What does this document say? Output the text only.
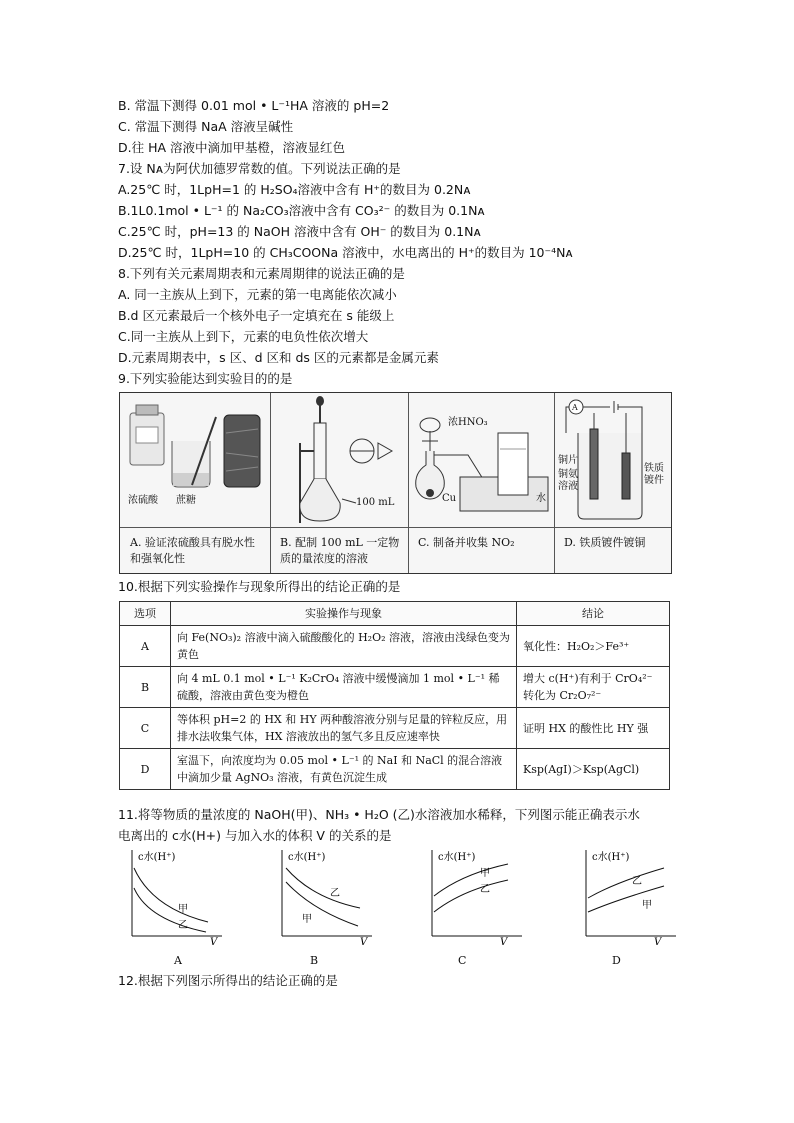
B. 常温下测得 0.01 mol • L⁻¹HA 溶液的 pH=2
C. 常温下测得 NaA 溶液呈碱性
D.往 HA 溶液中滴加甲基橙，溶液显红色
7.设 Nᴀ为阿伏加德罗常数的值。下列说法正确的是
A.25℃ 时，1LpH=1 的 H₂SO₄溶液中含有 H⁺的数目为 0.2Nᴀ
B.1L0.1mol • L⁻¹ 的 Na₂CO₃溶液中含有 CO₃²⁻ 的数目为 0.1Nᴀ
C.25℃ 时，pH=13 的 NaOH 溶液中含有 OH⁻ 的数目为 0.1Nᴀ
D.25℃ 时，1LpH=10 的 CH₃COONa 溶液中，水电离出的 H⁺的数目为 10⁻⁴Nᴀ
8.下列有关元素周期表和元素周期律的说法正确的是
A. 同一主族从上到下，元素的第一电离能依次减小
B.d 区元素最后一个核外电子一定填充在 s 能级上
C.同一主族从上到下，元素的电负性依次增大
D.元素周期表中，s 区、d 区和 ds 区的元素都是金属元素
9.下列实验能达到实验目的的是
浓硫酸 蔗糖
A. 验证浓硫酸具有脱水性和强氧化性
100 mL
B. 配制 100 mL 一定物质的量浓度的溶液
浓HNO₃
Cu	水
C. 制备并收集 NO₂
A
铜片
铜氨溶液
铁质镀件
D. 铁质镀件镀铜
10.根据下列实验操作与现象所得出的结论正确的是
选项	实验操作与现象	结论
A	向 Fe(NO₃)₂ 溶液中滴入硫酸酸化的 H₂O₂ 溶液，溶液由浅绿色变为黄色	氧化性：H₂O₂＞Fe³⁺
B	向 4 mL 0.1 mol • L⁻¹ K₂CrO₄ 溶液中缓慢滴加 1 mol • L⁻¹ 稀硫酸，溶液由黄色变为橙色	增大 c(H⁺)有利于 CrO₄²⁻ 转化为 Cr₂O₇²⁻
C	等体积 pH=2 的 HX 和 HY 两种酸溶液分别与足量的锌粒反应，用排水法收集气体，HX 溶液放出的氢气多且反应速率快	证明 HX 的酸性比 HY 强
D	室温下，向浓度均为 0.05 mol • L⁻¹ 的 NaI 和 NaCl 的混合溶液中滴加少量 AgNO₃ 溶液，有黄色沉淀生成	Ksp(AgI)＞Ksp(AgCl)
11.将等物质的量浓度的 NaOH(甲)、NH₃ • H₂O (乙)水溶液加水稀释，下列图示能正确表示水
电离出的 c水(H+) 与加入水的体积 V 的关系的是
c水(H⁺)
V
甲
乙
c水(H⁺)
V
乙
甲
c水(H⁺)
V
甲
乙
c水(H⁺)
V
乙
甲
A	B	C	D
12.根据下列图示所得出的结论正确的是
